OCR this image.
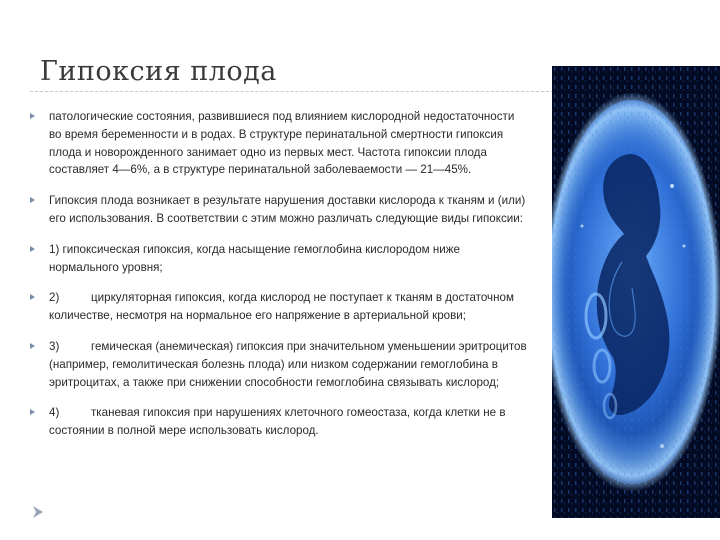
Гипоксия плода
патологические состояния, развившиеся под влиянием кислородной недостаточности во время беременности и в родах. В структуре перинатальной смертности гипоксия плода и новорожденного занимает одно из первых мест. Частота гипоксии плода составляет 4—6%, а в структуре перинатальной заболеваемости — 21—45%.
Гипоксия плода возникает в результате нарушения доставки кислорода к тканям и (или) его использования. В соответствии с этим можно различать следующие виды гипоксии:
1) гипоксическая гипоксия, когда насыщение гемоглобина кислородом ниже нормального уровня;
2)	циркуляторная гипоксия, когда кислород не поступает к тканям в достаточном количестве, несмотря на нормальное его напряжение в артериальной крови;
3)	гемическая (анемическая) гипоксия при значительном уменьшении эритроцитов (например, гемолитическая болезнь плода) или низком содержании гемоглобина в эритроцитах, а также при снижении способности гемоглобина связывать кислород;
4)	тканевая гипоксия при нарушениях клеточного гомеостаза, когда клетки не в состоянии в полной мере использовать кислород.
